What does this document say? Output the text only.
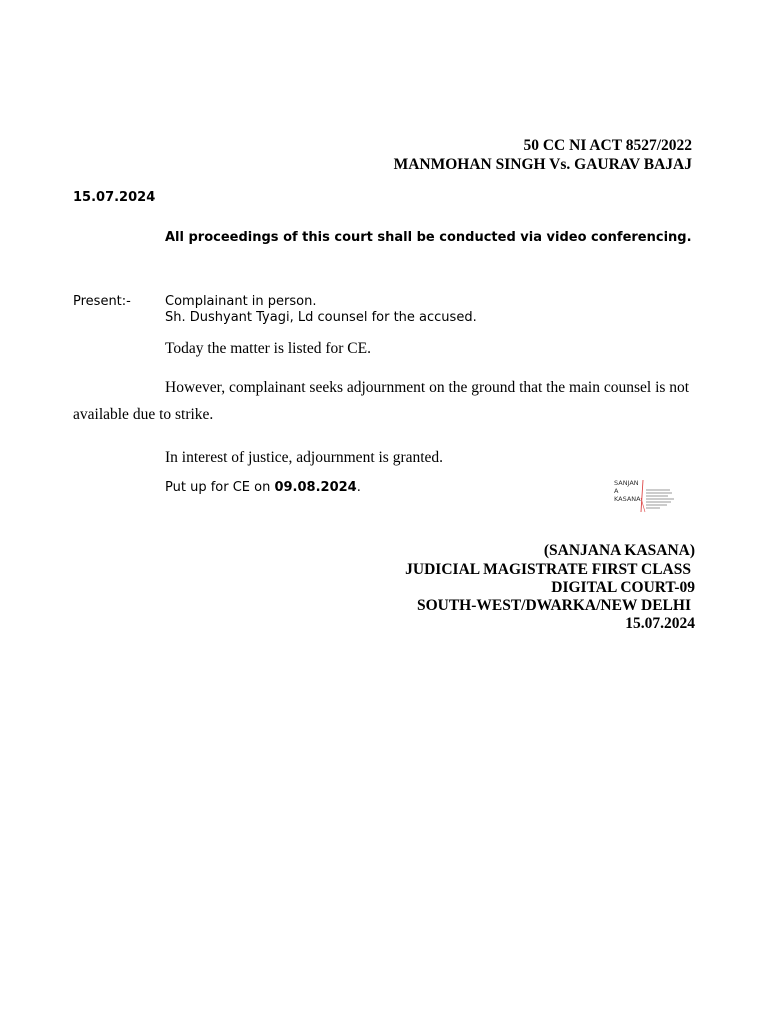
50 CC NI ACT 8527/2022
MANMOHAN SINGH Vs. GAURAV BAJAJ
15.07.2024
All proceedings of this court shall be conducted via video conferencing.
Present:-	Complainant in person.
Sh. Dushyant Tyagi, Ld counsel for the accused.
Today the matter is listed for CE.
However, complainant seeks adjournment on the ground that the main counsel is not available due to strike.
In interest of justice, adjournment is granted.
Put up for CE on 09.08.2024.	SANJAN
A
KASANA
(SANJANA KASANA)
JUDICIAL MAGISTRATE FIRST CLASS
DIGITAL COURT-09
SOUTH-WEST/DWARKA/NEW DELHI
15.07.2024
